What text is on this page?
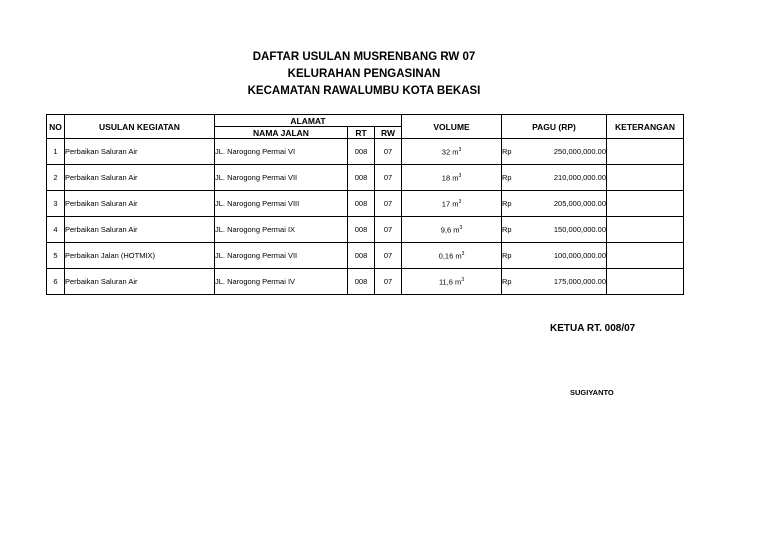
DAFTAR USULAN MUSRENBANG RW 07
KELURAHAN PENGASINAN
KECAMATAN RAWALUMBU KOTA BEKASI
NO	USULAN KEGIATAN	ALAMAT			VOLUME	PAGU (RP)	KETERANGAN
		NAMA JALAN	RT	RW			
1	Perbaikan Saluran Air	JL. Narogong Permai VI	008	07	32 $m^3$	Rp 250,000,000.00	

2	Perbaikan Saluran Air	JL. Narogong Permai VII	008	07	18 $m^3$	Rp 210,000,000.00	

3	Perbaikan Saluran Air	JL. Narogong Permai VIII	008	07	17 $m^3$	Rp 205,000,000.00	

4	Perbaikan Saluran Air	JL. Narogong Permai IX	008	07	9,6 $m^3$	Rp 150,000,000.00	

5	Perbaikan Jalan (HOTMIX)	JL. Narogong Permai VII	008	07	0,16 $m^3$	Rp 100,000,000.00	

6	Perbaikan Saluran Air	JL. Narogong Permai IV	008	07	11,6 $m^3$	Rp 175,000,000.00	

KETUA RT. 008/07
SUGIYANTO
